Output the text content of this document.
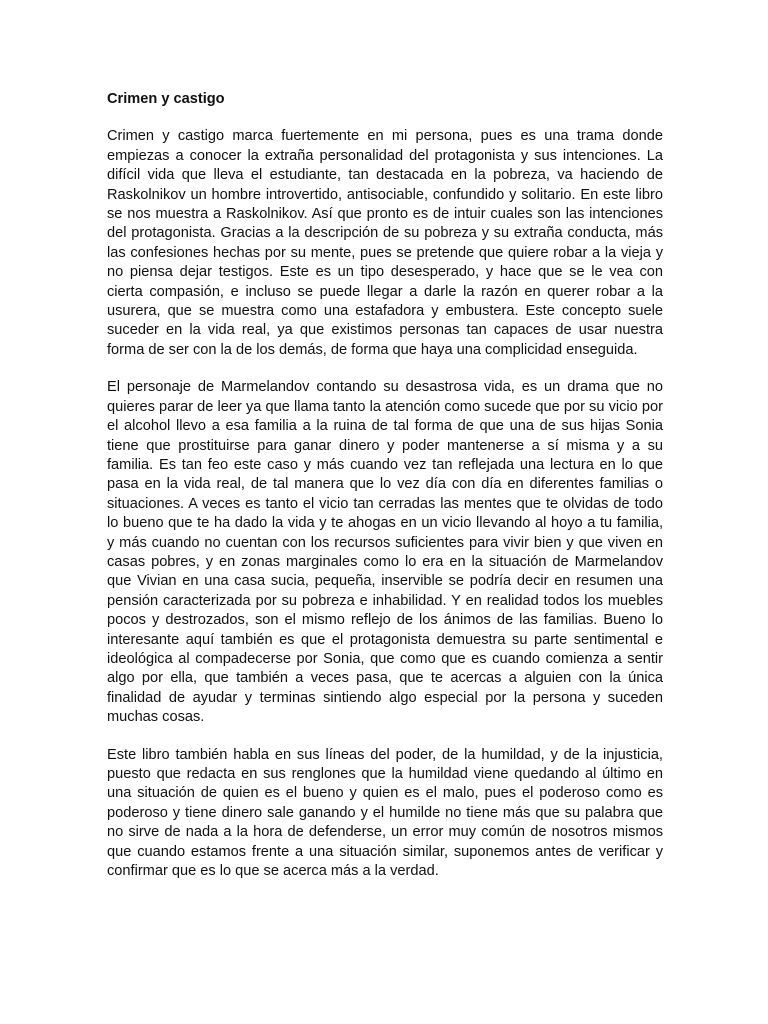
Crimen y castigo

Crimen y castigo marca fuertemente en mi persona, pues es una trama donde empiezas a conocer la extraña personalidad del protagonista y sus intenciones. La difícil vida que lleva el estudiante, tan destacada en la pobreza, va haciendo de Raskolnikov un hombre introvertido, antisociable, confundido y solitario. En este libro se nos muestra a Raskolnikov. Así que pronto es de intuir cuales son las intenciones del protagonista. Gracias a la descripción de su pobreza y su extraña conducta, más las confesiones hechas por su mente, pues se pretende que quiere robar a la vieja y no piensa dejar testigos. Este es un tipo desesperado, y hace que se le vea con cierta compasión, e incluso se puede llegar a darle la razón en querer robar a la usurera, que se muestra como una estafadora y embustera. Este concepto suele suceder en la vida real, ya que existimos personas tan capaces de usar nuestra forma de ser con la de los demás, de forma que haya una complicidad enseguida.

El personaje de Marmelandov contando su desastrosa vida, es un drama que no quieres parar de leer ya que llama tanto la atención como sucede que por su vicio por el alcohol llevo a esa familia a la ruina de tal forma de que una de sus hijas Sonia tiene que prostituirse para ganar dinero y poder mantenerse a sí misma y a su familia. Es tan feo este caso y más cuando vez tan reflejada una lectura en lo que pasa en la vida real, de tal manera que lo vez día con día en diferentes familias o situaciones. A veces es tanto el vicio tan cerradas las mentes que te olvidas de todo lo bueno que te ha dado la vida y te ahogas en un vicio llevando al hoyo a tu familia, y más cuando no cuentan con los recursos suficientes para vivir bien y que viven en casas pobres, y en zonas marginales como lo era en la situación de Marmelandov que Vivian en una casa sucia, pequeña, inservible se podría decir en resumen una pensión caracterizada por su pobreza e inhabilidad. Y en realidad todos los muebles pocos y destrozados, son el mismo reflejo de los ánimos de las familias. Bueno lo interesante aquí también es que el protagonista demuestra su parte sentimental e ideológica al compadecerse por Sonia, que como que es cuando comienza a sentir algo por ella, que también a veces pasa, que te acercas a alguien con la única finalidad de ayudar y terminas sintiendo algo especial por la persona y suceden muchas cosas.

Este libro también habla en sus líneas del poder, de la humildad, y de la injusticia, puesto que redacta en sus renglones que la humildad viene quedando al último en una situación de quien es el bueno y quien es el malo, pues el poderoso como es poderoso y tiene dinero sale ganando y el humilde no tiene más que su palabra que no sirve de nada a la hora de defenderse, un error muy común de nosotros mismos que cuando estamos frente a una situación similar, suponemos antes de verificar y confirmar que es lo que se acerca más a la verdad.
